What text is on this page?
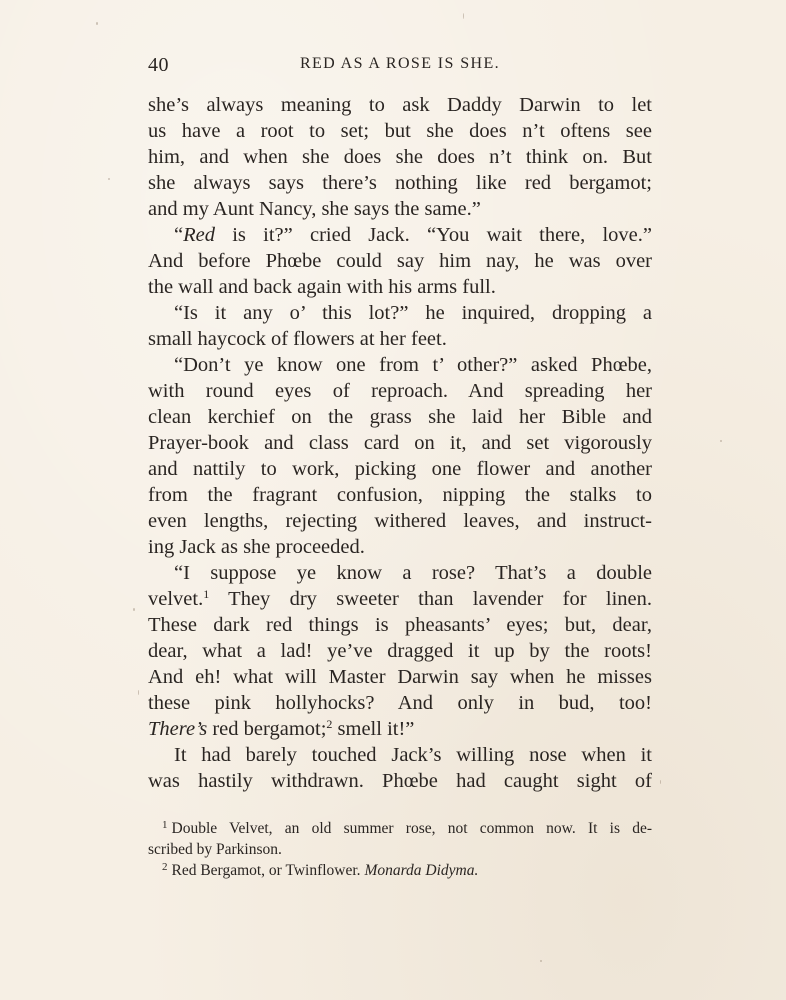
40	RED AS A ROSE IS SHE.
she’s always meaning to ask Daddy Darwin to let
us have a root to set; but she does n’t oftens see
him, and when she does she does n’t think on. But
she always says there’s nothing like red bergamot;
and my Aunt Nancy, she says the same.”
“Red is it?” cried Jack. “You wait there, love.”
And before Phœbe could say him nay, he was over
the wall and back again with his arms full.
“Is it any o’ this lot?” he inquired, dropping a
small haycock of flowers at her feet.
“Don’t ye know one from t’ other?” asked Phœbe,
with round eyes of reproach. And spreading her
clean kerchief on the grass she laid her Bible and
Prayer-book and class card on it, and set vigorously
and nattily to work, picking one flower and another
from the fragrant confusion, nipping the stalks to
even lengths, rejecting withered leaves, and instruct-
ing Jack as she proceeded.
“I suppose ye know a rose? That’s a double
velvet.$^1$ They dry sweeter than lavender for linen.
These dark red things is pheasants’ eyes; but, dear,
dear, what a lad! ye’ve dragged it up by the roots!
And eh! what will Master Darwin say when he misses
these pink hollyhocks? And only in bud, too!
There’s red bergamot;$^2$ smell it!”
It had barely touched Jack’s willing nose when it
was hastily withdrawn. Phœbe had caught sight of
$^1$ Double Velvet, an old summer rose, not common now. It is de-
scribed by Parkinson.
$^2$ Red Bergamot, or Twinflower. Monarda Didyma.
